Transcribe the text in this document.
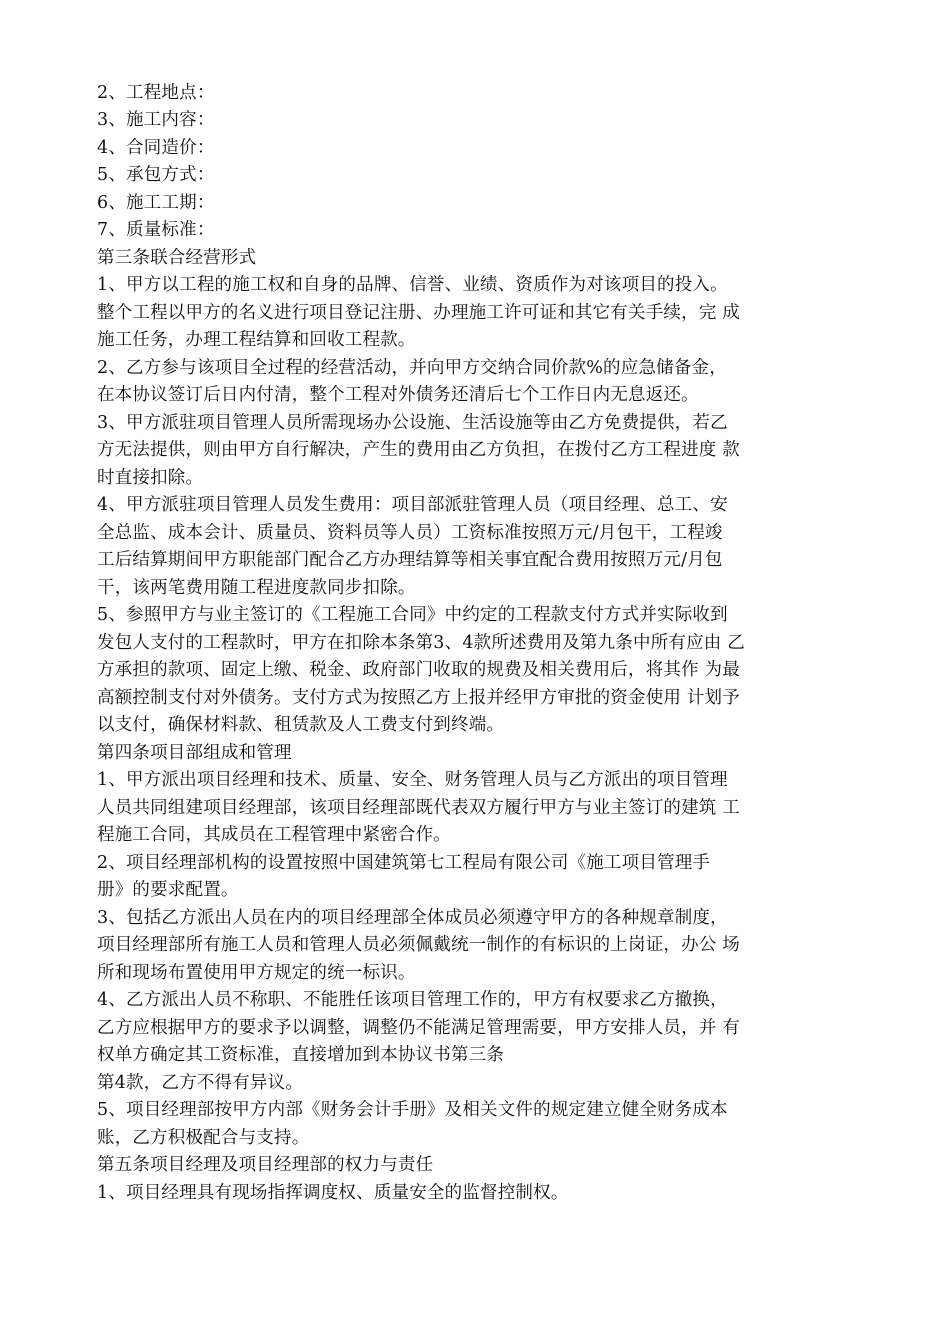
2、工程地点：
3、施工内容：
4、合同造价：
5、承包方式：
6、施工工期：
7、质量标准：
第三条联合经营形式
1、甲方以工程的施工权和自身的品牌、信誉、业绩、资质作为对该项目的投入。
整个工程以甲方的名义进行项目登记注册、办理施工许可证和其它有关手续，完 成
施工任务，办理工程结算和回收工程款。
2、乙方参与该项目全过程的经营活动，并向甲方交纳合同价款%的应急储备金，
在本协议签订后日内付清，整个工程对外债务还清后七个工作日内无息返还。
3、甲方派驻项目管理人员所需现场办公设施、生活设施等由乙方免费提供，若乙
方无法提供，则由甲方自行解决，产生的费用由乙方负担，在拨付乙方工程进度 款
时直接扣除。
4、甲方派驻项目管理人员发生费用：项目部派驻管理人员（项目经理、总工、安
全总监、成本会计、质量员、资料员等人员）工资标准按照万元/月包干，工程竣
工后结算期间甲方职能部门配合乙方办理结算等相关事宜配合费用按照万元/月包
干，该两笔费用随工程进度款同步扣除。
5、参照甲方与业主签订的《工程施工合同》中约定的工程款支付方式并实际收到
发包人支付的工程款时，甲方在扣除本条第3、4款所述费用及第九条中所有应由 乙
方承担的款项、固定上缴、税金、政府部门收取的规费及相关费用后，将其作 为最
高额控制支付对外债务。支付方式为按照乙方上报并经甲方审批的资金使用 计划予
以支付，确保材料款、租赁款及人工费支付到终端。
第四条项目部组成和管理
1、甲方派出项目经理和技术、质量、安全、财务管理人员与乙方派出的项目管理
人员共同组建项目经理部，该项目经理部既代表双方履行甲方与业主签订的建筑 工
程施工合同，其成员在工程管理中紧密合作。
2、项目经理部机构的设置按照中国建筑第七工程局有限公司《施工项目管理手
册》的要求配置。
3、包括乙方派出人员在内的项目经理部全体成员必须遵守甲方的各种规章制度，
项目经理部所有施工人员和管理人员必须佩戴统一制作的有标识的上岗证，办公 场
所和现场布置使用甲方规定的统一标识。
4、乙方派出人员不称职、不能胜任该项目管理工作的，甲方有权要求乙方撤换，
乙方应根据甲方的要求予以调整，调整仍不能满足管理需要，甲方安排人员，并 有
权单方确定其工资标准，直接增加到本协议书第三条
第4款，乙方不得有异议。
5、项目经理部按甲方内部《财务会计手册》及相关文件的规定建立健全财务成本
账，乙方积极配合与支持。
第五条项目经理及项目经理部的权力与责任
1、项目经理具有现场指挥调度权、质量安全的监督控制权。
